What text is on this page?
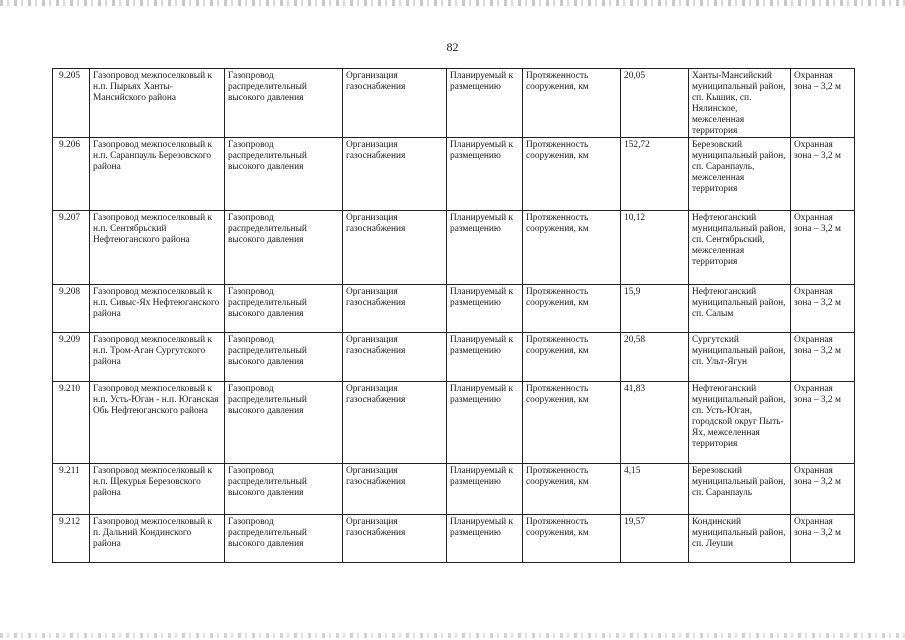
82
9.205	Газопровод межпоселковый к н.п. Пырьях Ханты-Мансийского района	Газопровод распределительный высокого давления	Организация газоснабжения	Планируемый к размещению	Протяженность сооружения, км	20,05	Ханты-Мансийский муниципальный район, сп. Кышик, сп. Нялинское, межселенная территория	Охранная зона – 3,2 м
9.206	Газопровод межпоселковый к н.п. Саранпауль Березовского района	Газопровод распределительный высокого давления	Организация газоснабжения	Планируемый к размещению	Протяженность сооружения, км	152,72	Березовский муниципальный район, сп. Саранпауль, межселенная территория	Охранная зона – 3,2 м
9.207	Газопровод межпоселковый к н.п. Сентябрьский Нефтеюганского района	Газопровод распределительный высокого давления	Организация газоснабжения	Планируемый к размещению	Протяженность сооружения, км	10,12	Нефтеюганский муниципальный район, сп. Сентябрьский, межселенная территория	Охранная зона – 3,2 м
9.208	Газопровод межпоселковый к н.п. Сивыс-Ях Нефтеюганского района	Газопровод распределительный высокого давления	Организация газоснабжения	Планируемый к размещению	Протяженность сооружения, км	15,9	Нефтеюганский муниципальный район, сп. Салым	Охранная зона – 3,2 м
9.209	Газопровод межпоселковый к н.п. Тром-Аган Сургутского района	Газопровод распределительный высокого давления	Организация газоснабжения	Планируемый к размещению	Протяженность сооружения, км	20,58	Сургутский муниципальный район, сп. Ульт-Ягун	Охранная зона – 3,2 м
9.210	Газопровод межпоселковый к н.п. Усть-Юган - н.п. Юганская Обь Нефтеюганского района	Газопровод распределительный высокого давления	Организация газоснабжения	Планируемый к размещению	Протяженность сооружения, км	41,83	Нефтеюганский муниципальный район, сп. Усть-Юган, городской округ Пыть-Ях, межселенная территория	Охранная зона – 3,2 м
9.211	Газопровод межпоселковый к н.п. Щекурья Березовского района	Газопровод распределительный высокого давления	Организация газоснабжения	Планируемый к размещению	Протяженность сооружения, км	4,15	Березовский муниципальный район, сп. Саранпауль	Охранная зона – 3,2 м
9.212	Газопровод межпоселковый к п. Дальний Кондинского района	Газопровод распределительный высокого давления	Организация газоснабжения	Планируемый к размещению	Протяженность сооружения, км	19,57	Кондинский муниципальный район, сп. Леуши	Охранная зона – 3,2 м
